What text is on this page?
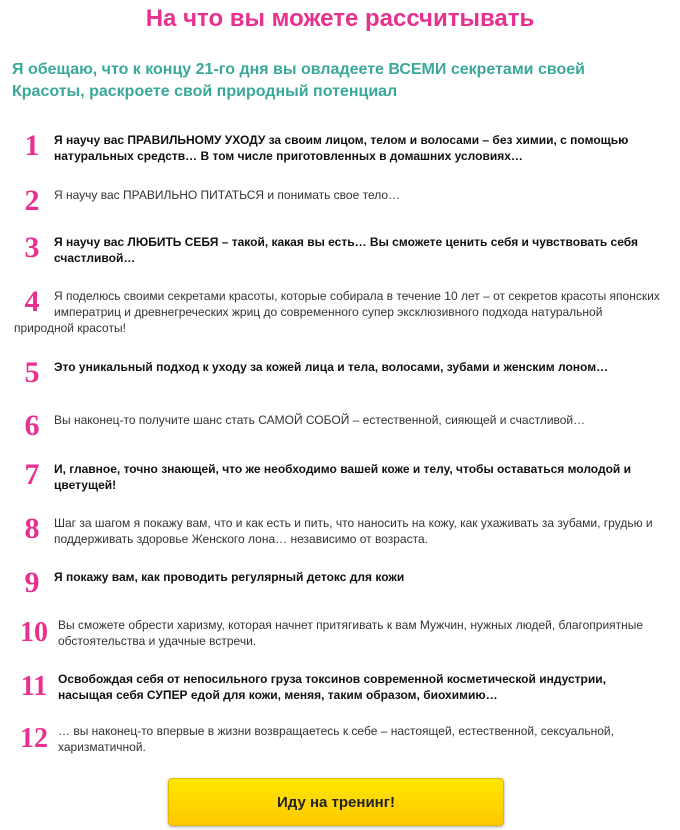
На что вы можете рассчитывать
Я обещаю, что к концу 21-го дня вы овладеете ВСЕМИ секретами своей Красоты, раскроете свой природный потенциал
1	Я научу вас ПРАВИЛЬНОМУ УХОДУ за своим лицом, телом и волосами – без химии, с помощью натуральных средств… В том числе приготовленных в домашних условиях…
2	Я научу вас ПРАВИЛЬНО ПИТАТЬСЯ и понимать свое тело…
3	Я научу вас ЛЮБИТЬ СЕБЯ – такой, какая вы есть… Вы сможете ценить себя и чувствовать себя счастливой…
4	Я поделюсь своими секретами красоты, которые собирала в течение 10 лет – от секретов красоты японских императриц и древнегреческих жриц до современного супер эксклюзивного подхода натуральной природной красоты!
5	Это уникальный подход к уходу за кожей лица и тела, волосами, зубами и женским лоном…
6	Вы наконец-то получите шанс стать САМОЙ СОБОЙ – естественной, сияющей и счастливой…
7	И, главное, точно знающей, что же необходимо вашей коже и телу, чтобы оставаться молодой и цветущей!
8	Шаг за шагом я покажу вам, что и как есть и пить, что наносить на кожу, как ухаживать за зубами, грудью и поддерживать здоровье Женского лона… независимо от возраста.
9	Я покажу вам, как проводить регулярный детокс для кожи
10 Вы сможете обрести харизму, которая начнет притягивать к вам Мужчин, нужных людей, благоприятные обстоятельства и удачные встречи.
11 Освобождая себя от непосильного груза токсинов современной косметической индустрии, насыщая себя СУПЕР едой для кожи, меняя, таким образом, биохимию…
12 … вы наконец-то впервые в жизни возвращаетесь к себе – настоящей, естественной, сексуальной, харизматичной.
Иду на тренинг!
